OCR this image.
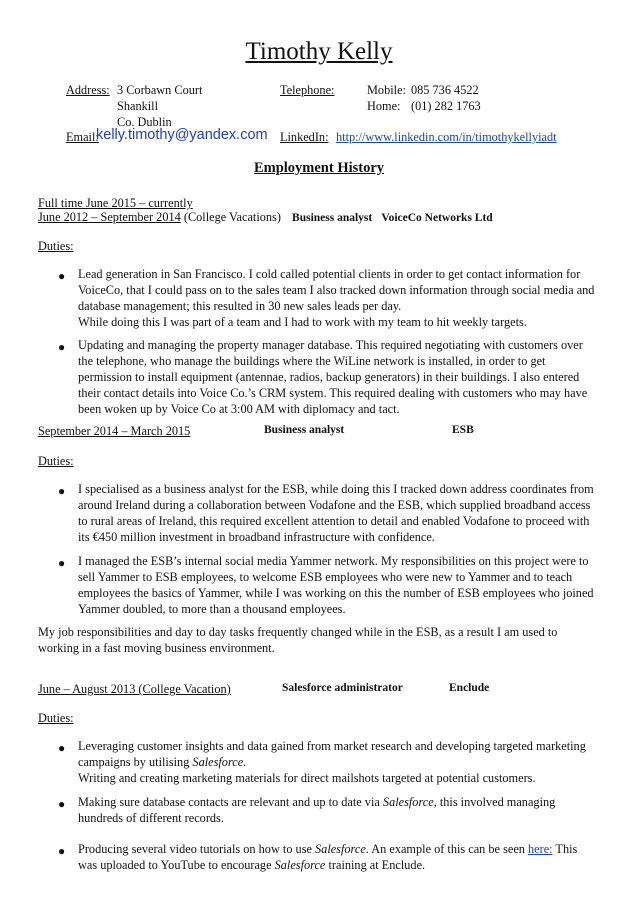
Timothy Kelly
Address: 3 Corbawn Court
Shankill
Co. Dublin
Email:
kelly.timothy@yandex.com
Telephone:	Mobile: 085 736 4522
Home: (01) 282 1763
LinkedIn: http://www.linkedin.com/in/timothykellyiadt
Employment History
Full time June 2015 – currently
June 2012 – September 2014 (College Vacations) Business analyst VoiceCo Networks Ltd
Duties:
● Lead generation in San Francisco. I cold called potential clients in order to get contact information for
VoiceCo, that I could pass on to the sales team I also tracked down information through social media and
database management; this resulted in 30 new sales leads per day.
While doing this I was part of a team and I had to work with my team to hit weekly targets.
● Updating and managing the property manager database. This required negotiating with customers over
the telephone, who manage the buildings where the WiLine network is installed, in order to get
permission to install equipment (antennae, radios, backup generators) in their buildings. I also entered
their contact details into Voice Co.’s CRM system. This required dealing with customers who may have
been woken up by Voice Co at 3:00 AM with diplomacy and tact.
September 2014 – March 2015	Business analyst	ESB
Duties:
● I specialised as a business analyst for the ESB, while doing this I tracked down address coordinates from
around Ireland during a collaboration between Vodafone and the ESB, which supplied broadband access
to rural areas of Ireland, this required excellent attention to detail and enabled Vodafone to proceed with
its €450 million investment in broadband infrastructure with confidence.
● I managed the ESB’s internal social media Yammer network. My responsibilities on this project were to
sell Yammer to ESB employees, to welcome ESB employees who were new to Yammer and to teach
employees the basics of Yammer, while I was working on this the number of ESB employees who joined
Yammer doubled, to more than a thousand employees.
My job responsibilities and day to day tasks frequently changed while in the ESB, as a result I am used to
working in a fast moving business environment.
June – August 2013 (College Vacation)	Salesforce administrator	Enclude
Duties:
● Leveraging customer insights and data gained from market research and developing targeted marketing
campaigns by utilising Salesforce.
Writing and creating marketing materials for direct mailshots targeted at potential customers.
● Making sure database contacts are relevant and up to date via Salesforce, this involved managing
hundreds of different records.
● Producing several video tutorials on how to use Salesforce. An example of this can be seen here: This
was uploaded to YouTube to encourage Salesforce training at Enclude.
